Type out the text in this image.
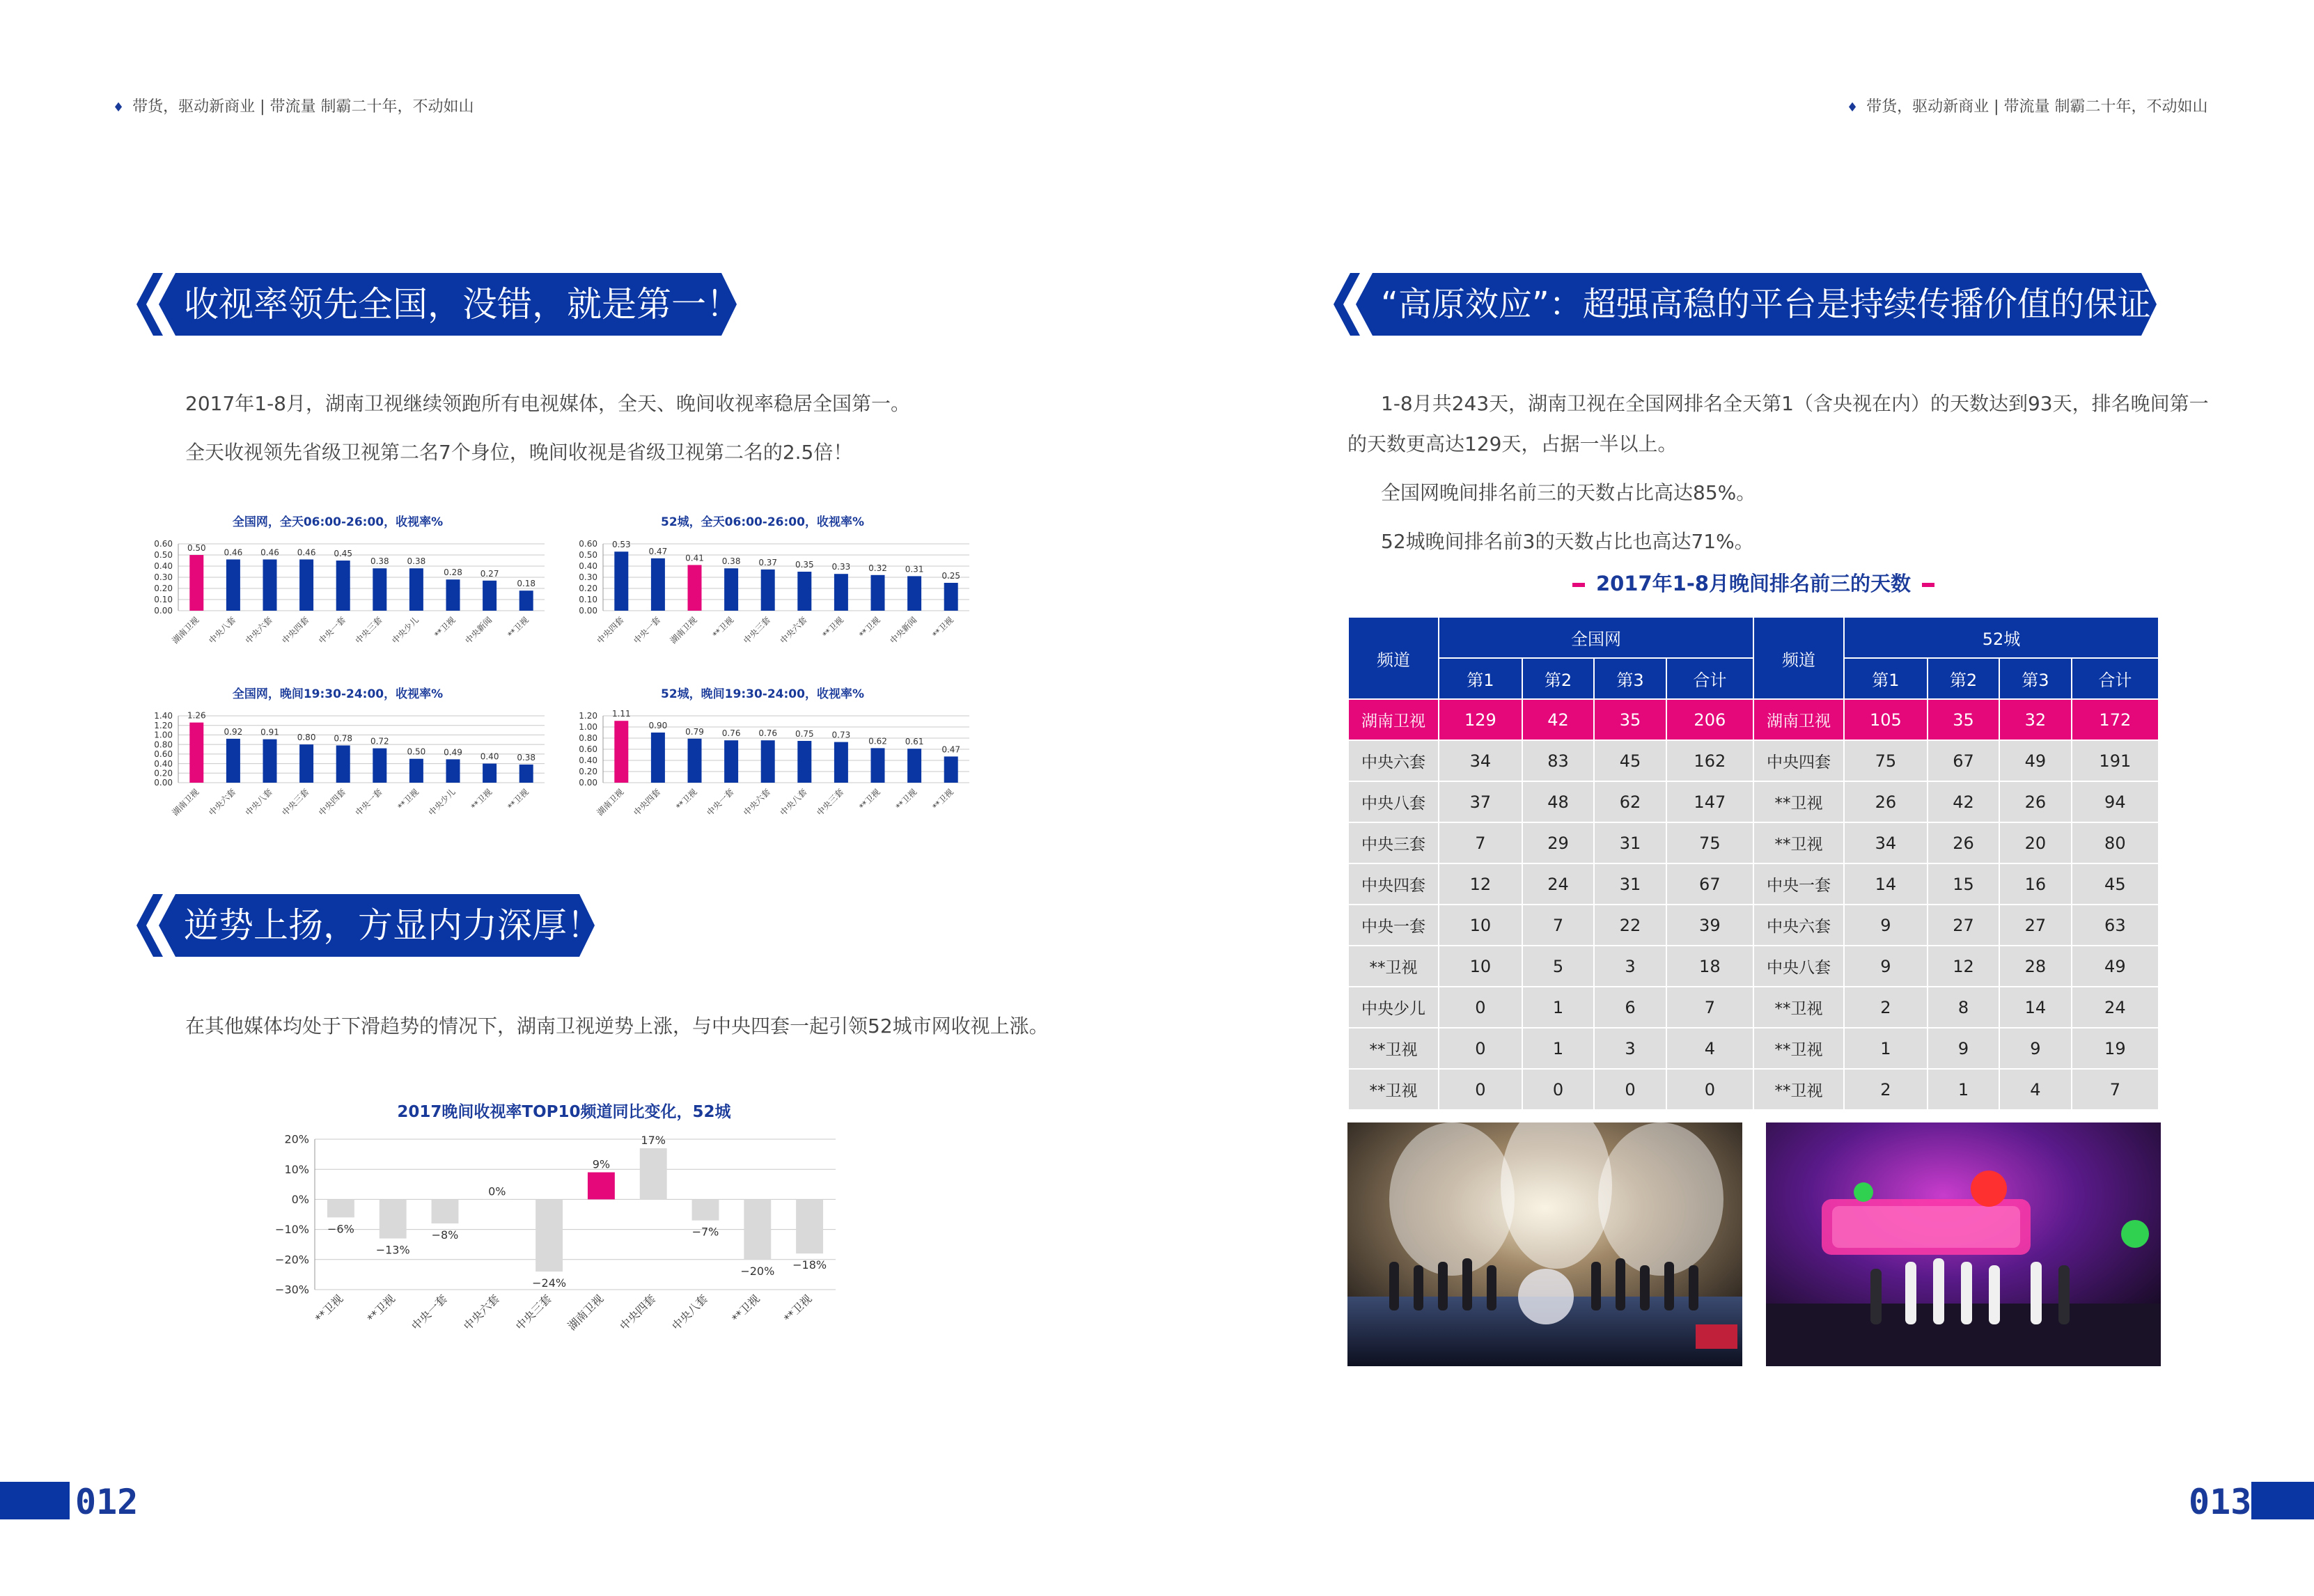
♦ 带货，驱动新商业 | 带流量 制霸二十年，不动如山	♦ 带货，驱动新商业 | 带流量 制霸二十年，不动如山
收视率领先全国，没错，就是第一！
2017年1-8月，湖南卫视继续领跑所有电视媒体，全天、晚间收视率稳居全国第一。
全天收视领先省级卫视第二名7个身位，晚间收视是省级卫视第二名的2.5倍！
全国网，全天06:00-26:00，收视率%
0.60
0.50
0.40
0.30
0.20
0.10
0.00
0.50
湖南卫视
0.46
中央八套
0.46
中央六套
0.46
中央四套
0.45
中央一套
0.38
中央三套
0.38
中央少儿
0.28
**卫视
0.27
中央新闻
0.18
**卫视
52城，全天06:00-26:00，收视率%
0.60
0.50
0.40
0.30
0.20
0.10
0.00
0.53
中央四套
0.47
中央一套
0.41
湖南卫视
0.38
**卫视
0.37
中央三套
0.35
中央六套
0.33
**卫视
0.32
**卫视
0.31
中央新闻
0.25
**卫视
全国网，晚间19:30-24:00，收视率%
1.40
1.20
1.00
0.80
0.60
0.40
0.20
0.00
1.26
湖南卫视
0.92
中央六套
0.91
中央八套
0.80
中央三套
0.78
中央四套
0.72
中央一套
0.50
**卫视
0.49
中央少儿
0.40
**卫视
0.38
**卫视
52城，晚间19:30-24:00，收视率%
1.20
1.00
0.80
0.60
0.40
0.20
0.00
1.11
湖南卫视
0.90
中央四套
0.79
**卫视
0.76
中央一套
0.76
中央六套
0.75
中央八套
0.73
中央三套
0.62
**卫视
0.61
**卫视
0.47
**卫视
逆势上扬，方显内力深厚！
在其他媒体均处于下滑趋势的情况下，湖南卫视逆势上涨，与中央四套一起引领52城市网收视上涨。
2017晚间收视率TOP10频道同比变化，52城
20%
10%
0%
−10%
−20%
−30%
−6%
**卫视
−13%
**卫视
−8%
中央一套
0%
中央六套
−24%
中央三套
9%
湖南卫视
17%
中央四套
−7%
中央八套
−20%
**卫视
−18%
**卫视
012
“高原效应”：超强高稳的平台是持续传播价值的保证
1-8月共243天，湖南卫视在全国网排名全天第1（含央视在内）的天数达到93天，排名晚间第一
的天数更高达129天，占据一半以上。
全国网晚间排名前三的天数占比高达85%。
52城晚间排名前3的天数占比也高达71%。
2017年1-8月晚间排名前三的天数
频道	全国网				频道	52城			
	第1	第2	第3	合计		第1	第2	第3	合计
湖南卫视	129	42	35	206	湖南卫视	105	35	32	172
中央六套	34	83	45	162	中央四套	75	67	49	191
中央八套	37	48	62	147	**卫视	26	42	26	94
中央三套	7	29	31	75	**卫视	34	26	20	80
中央四套	12	24	31	67	中央一套	14	15	16	45
中央一套	10	7	22	39	中央六套	9	27	27	63
**卫视	10	5	3	18	中央八套	9	12	28	49
中央少儿	0	1	6	7	**卫视	2	8	14	24
**卫视	0	1	3	4	**卫视	1	9	9	19
**卫视	0	0	0	0	**卫视	2	1	4	7
013
